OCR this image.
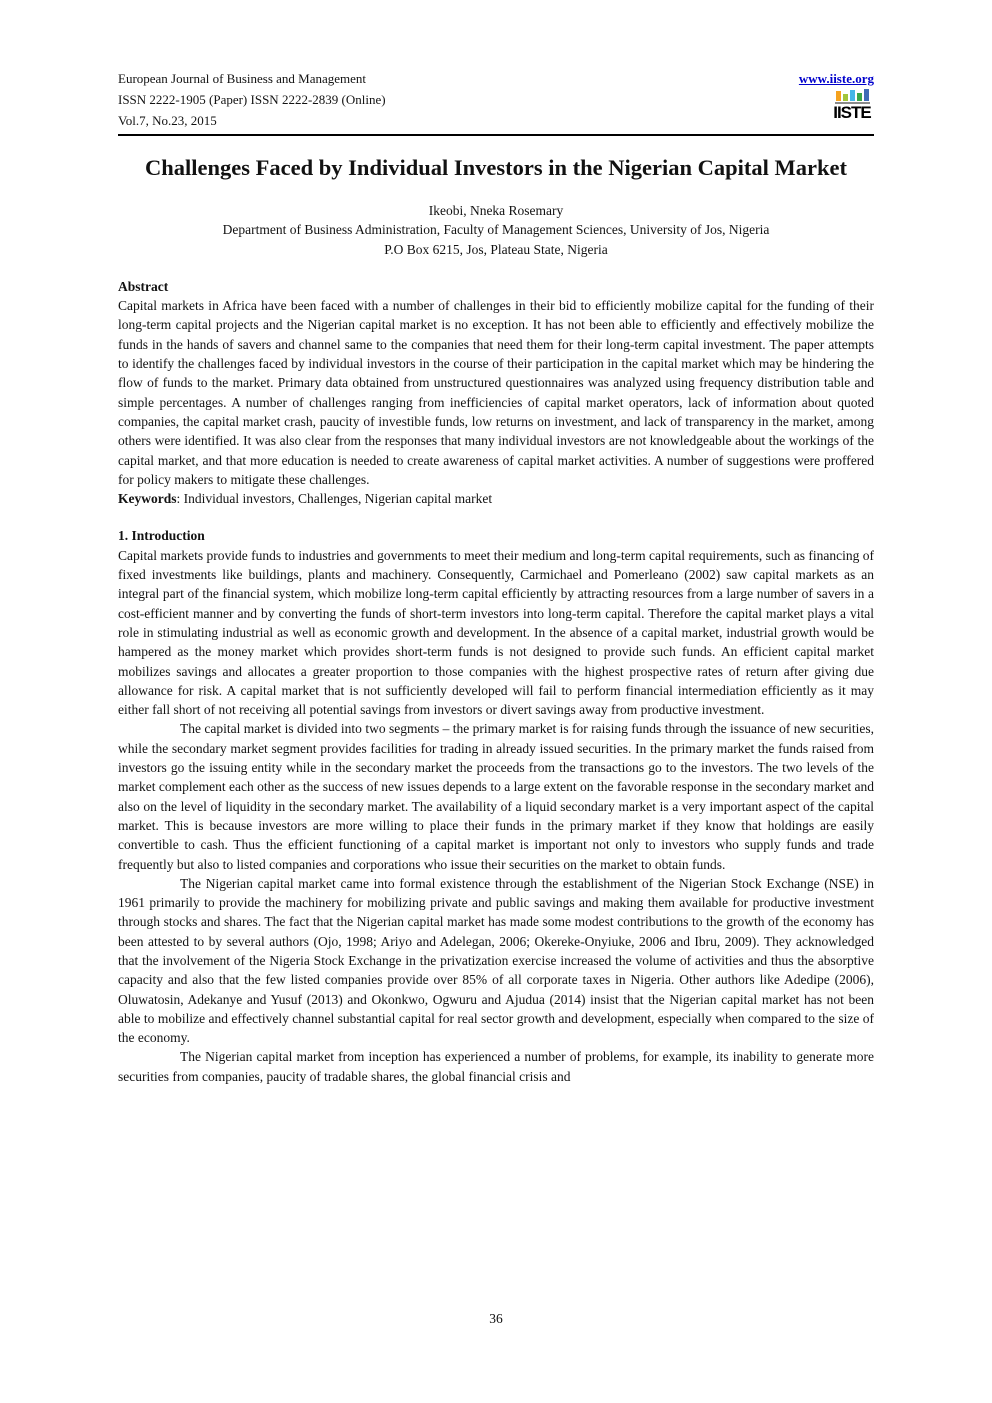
European Journal of Business and Management
ISSN 2222-1905 (Paper) ISSN 2222-2839 (Online)
Vol.7, No.23, 2015
www.iiste.org
IISTE
Challenges Faced by Individual Investors in the Nigerian Capital Market
Ikeobi, Nneka Rosemary
Department of Business Administration, Faculty of Management Sciences, University of Jos, Nigeria
P.O Box 6215, Jos, Plateau State, Nigeria
Abstract

Capital markets in Africa have been faced with a number of challenges in their bid to efficiently mobilize capital for the funding of their long-term capital projects and the Nigerian capital market is no exception. It has not been able to efficiently and effectively mobilize the funds in the hands of savers and channel same to the companies that need them for their long-term capital investment. The paper attempts to identify the challenges faced by individual investors in the course of their participation in the capital market which may be hindering the flow of funds to the market. Primary data obtained from unstructured questionnaires was analyzed using frequency distribution table and simple percentages. A number of challenges ranging from inefficiencies of capital market operators, lack of information about quoted companies, the capital market crash, paucity of investible funds, low returns on investment, and lack of transparency in the market, among others were identified. It was also clear from the responses that many individual investors are not knowledgeable about the workings of the capital market, and that more education is needed to create awareness of capital market activities. A number of suggestions were proffered for policy makers to mitigate these challenges.

Keywords: Individual investors, Challenges, Nigerian capital market

1. Introduction

Capital markets provide funds to industries and governments to meet their medium and long-term capital requirements, such as financing of fixed investments like buildings, plants and machinery. Consequently, Carmichael and Pomerleano (2002) saw capital markets as an integral part of the financial system, which mobilize long-term capital efficiently by attracting resources from a large number of savers in a cost-efficient manner and by converting the funds of short-term investors into long-term capital. Therefore the capital market plays a vital role in stimulating industrial as well as economic growth and development. In the absence of a capital market, industrial growth would be hampered as the money market which provides short-term funds is not designed to provide such funds. An efficient capital market mobilizes savings and allocates a greater proportion to those companies with the highest prospective rates of return after giving due allowance for risk. A capital market that is not sufficiently developed will fail to perform financial intermediation efficiently as it may either fall short of not receiving all potential savings from investors or divert savings away from productive investment.

The capital market is divided into two segments – the primary market is for raising funds through the issuance of new securities, while the secondary market segment provides facilities for trading in already issued securities. In the primary market the funds raised from investors go the issuing entity while in the secondary market the proceeds from the transactions go to the investors. The two levels of the market complement each other as the success of new issues depends to a large extent on the favorable response in the secondary market and also on the level of liquidity in the secondary market. The availability of a liquid secondary market is a very important aspect of the capital market. This is because investors are more willing to place their funds in the primary market if they know that holdings are easily convertible to cash. Thus the efficient functioning of a capital market is important not only to investors who supply funds and trade frequently but also to listed companies and corporations who issue their securities on the market to obtain funds.

The Nigerian capital market came into formal existence through the establishment of the Nigerian Stock Exchange (NSE) in 1961 primarily to provide the machinery for mobilizing private and public savings and making them available for productive investment through stocks and shares. The fact that the Nigerian capital market has made some modest contributions to the growth of the economy has been attested to by several authors (Ojo, 1998; Ariyo and Adelegan, 2006; Okereke-Onyiuke, 2006 and Ibru, 2009). They acknowledged that the involvement of the Nigeria Stock Exchange in the privatization exercise increased the volume of activities and thus the absorptive capacity and also that the few listed companies provide over 85% of all corporate taxes in Nigeria. Other authors like Adedipe (2006), Oluwatosin, Adekanye and Yusuf (2013) and Okonkwo, Ogwuru and Ajudua (2014) insist that the Nigerian capital market has not been able to mobilize and effectively channel substantial capital for real sector growth and development, especially when compared to the size of the economy.

The Nigerian capital market from inception has experienced a number of problems, for example, its inability to generate more securities from companies, paucity of tradable shares, the global financial crisis and

36
